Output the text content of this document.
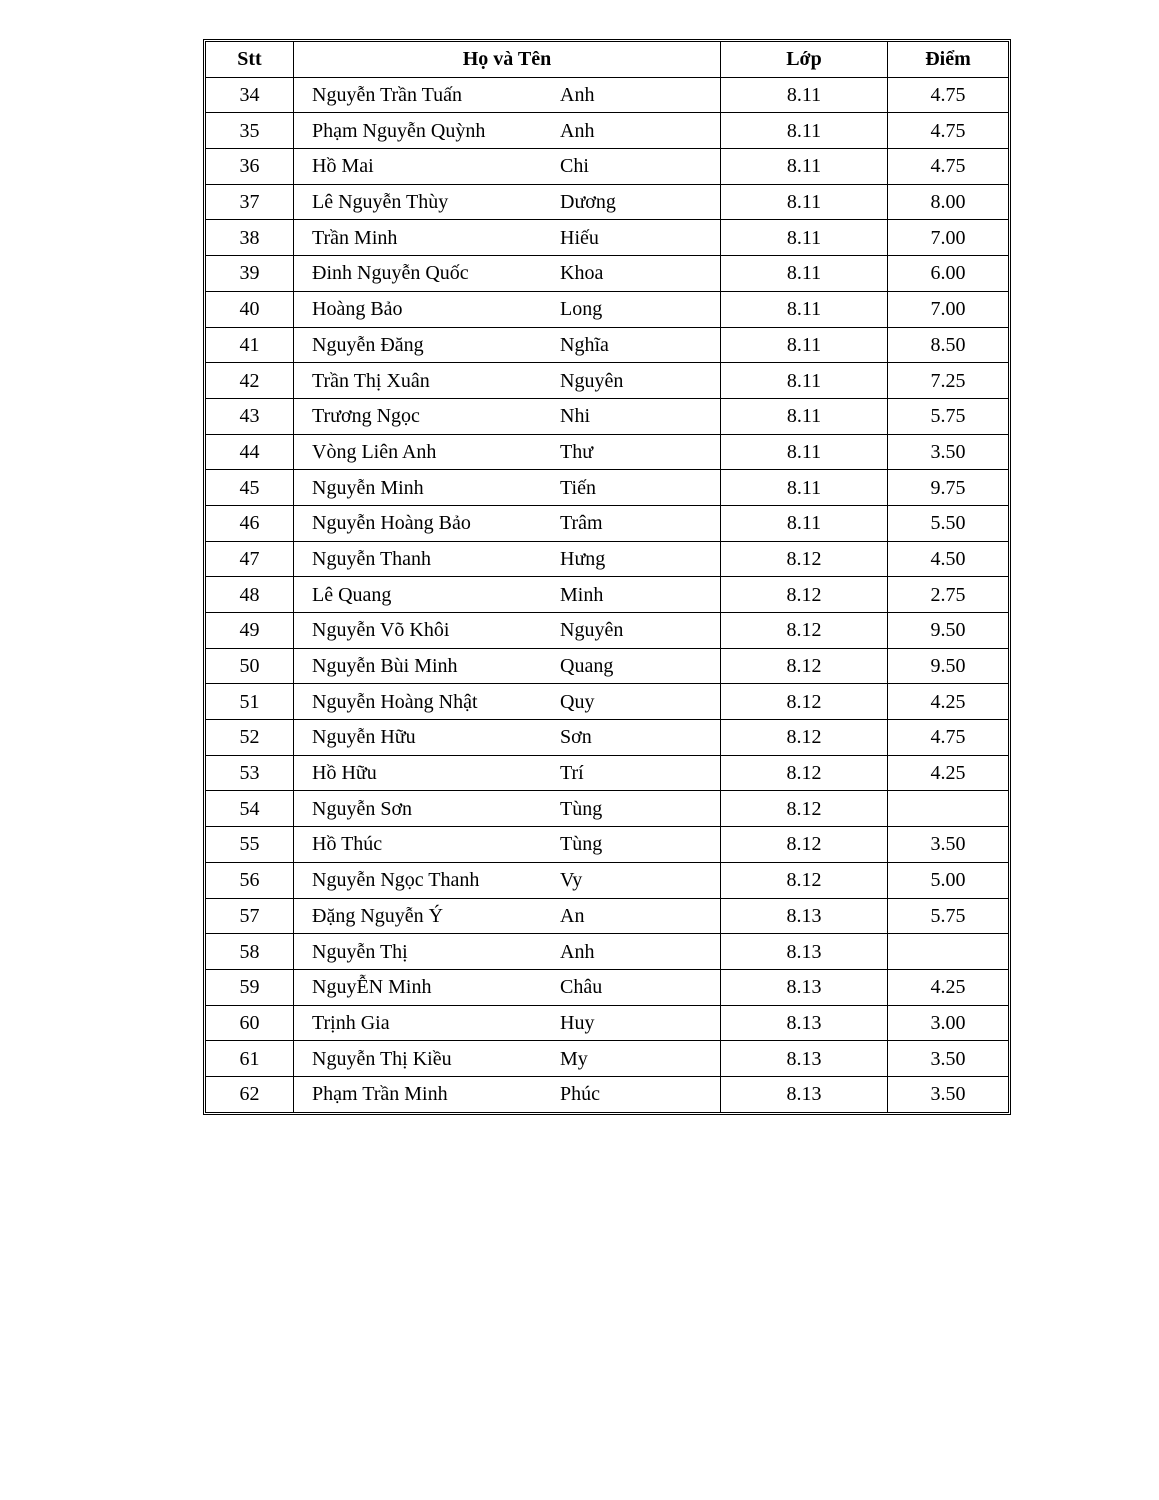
Stt	Họ và Tên	Lớp	Điểm
34	Nguyễn Trần Tuấn Anh	8.11	4.75
35	Phạm Nguyễn Quỳnh Anh	8.11	4.75
36	Hồ Mai Chi	8.11	4.75
37	Lê Nguyễn Thùy Dương	8.11	8.00
38	Trần Minh Hiếu	8.11	7.00
39	Đinh Nguyễn Quốc Khoa	8.11	6.00
40	Hoàng Bảo Long	8.11	7.00
41	Nguyễn Đăng Nghĩa	8.11	8.50
42	Trần Thị Xuân Nguyên	8.11	7.25
43	Trương Ngọc Nhi	8.11	5.75
44	Vòng Liên Anh Thư	8.11	3.50
45	Nguyễn Minh Tiến	8.11	9.75
46	Nguyễn Hoàng Bảo Trâm	8.11	5.50
47	Nguyễn Thanh Hưng	8.12	4.50
48	Lê Quang Minh	8.12	2.75
49	Nguyễn Võ Khôi Nguyên	8.12	9.50
50	Nguyễn Bùi Minh Quang	8.12	9.50
51	Nguyễn Hoàng Nhật Quy	8.12	4.25
52	Nguyễn Hữu Sơn	8.12	4.75
53	Hồ Hữu Trí	8.12	4.25
54	Nguyễn Sơn Tùng	8.12	
55	Hồ Thúc Tùng	8.12	3.50
56	Nguyễn Ngọc Thanh Vy	8.12	5.00
57	Đặng Nguyễn Ý An	8.13	5.75
58	Nguyễn Thị Anh	8.13	
59	NguyỄN Minh Châu	8.13	4.25
60	Trịnh Gia Huy	8.13	3.00
61	Nguyễn Thị Kiều My	8.13	3.50
62	Phạm Trần Minh Phúc	8.13	3.50
